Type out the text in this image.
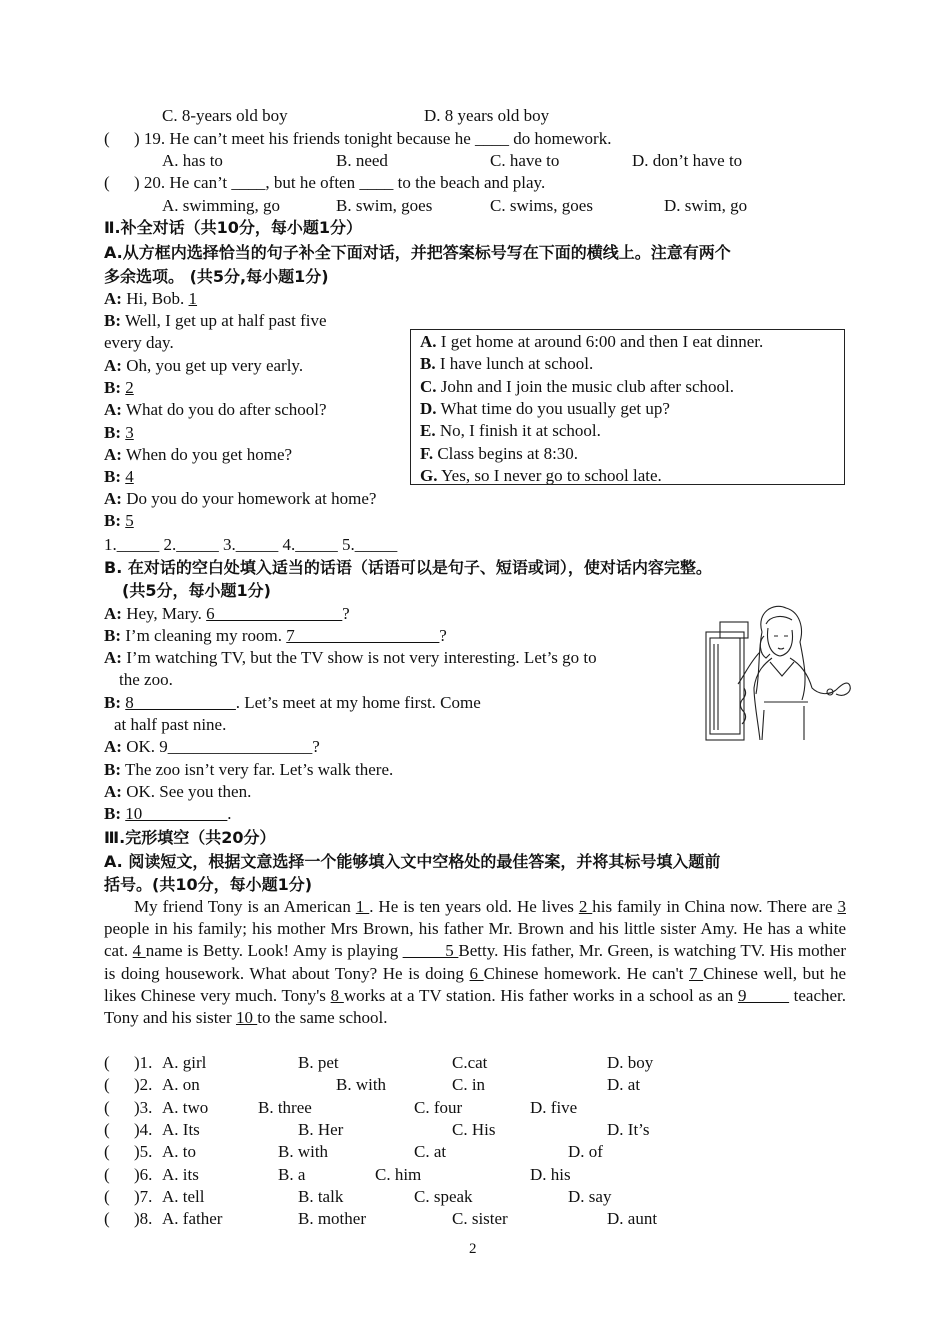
C. 8-years old boy	D. 8 years old boy
( ) 19. He can’t meet his friends tonight because he ____ do homework.
A. has to	B. need	C. have to	D. don’t have to
( ) 20. He can’t ____, but he often ____ to the beach and play.
A. swimming, go	B. swim, goes	C. swims, goes	D. swim, go
Ⅱ.补全对话（共10分，每小题1分）
A.从方框内选择恰当的句子补全下面对话，并把答案标号写在下面的横线上。注意有两个
多余选项。 (共5分,每小题1分)
A: Hi, Bob. 1
B: Well, I get up at half past five
every day.
A: Oh, you get up very early.
B: 2
A: What do you do after school?
B: 3
A: When do you get home?
B: 4
A: Do you do your homework at home?
B: 5
1._____ 2._____ 3._____ 4._____ 5._____
A. I get home at around 6:00 and then I eat dinner.
B. I have lunch at school.
C. John and I join the music club after school.
D. What time do you usually get up?
E. No, I finish it at school.
F. Class begins at 8:30.
G. Yes, so I never go to school late.
B. 在对话的空白处填入适当的话语（话语可以是句子、短语或词），使对话内容完整。
(共5分，每小题1分)
A: Hey, Mary. 6_______________?
B: I’m cleaning my room. 7_________________?
A: I’m watching TV, but the TV show is not very interesting. Let’s go to
the zoo.
B: 8____________. Let’s meet at my home first. Come
at half past nine.
A: OK. 9_________________?
B: The zoo isn’t very far. Let’s walk there.
A: OK. See you then.
B: 10__________.
Ⅲ.完形填空（共20分）
A. 阅读短文，根据文意选择一个能够填入文中空格处的最佳答案，并将其标号填入题前
括号。(共10分，每小题1分)
My friend Tony is an American 1 . He is ten years old. He lives 2 his family in China now. There are 3 people in his family; his mother Mrs Brown, his father Mr. Brown and his little sister Amy. He has a white cat. 4 name is Betty. Look! Amy is playing _____5 Betty. His father, Mr. Green, is watching TV. His mother is doing housework. What about Tony? He is doing 6 Chinese homework. He can't 7 Chinese well, but he likes Chinese very much. Tony's 8 works at a TV station. His father works in a school as an 9_____ teacher. Tony and his sister 10 to the same school.
( )1. A. girl	B. pet	C.cat	D. boy
( )2. A. on	B. with	C. in	D. at
( )3. A. two	B. three	C. four	D. five
( )4. A. Its	B. Her	C. His	D. It’s
( )5. A. to	B. with	C. at	D. of
( )6. A. its	B. a	C. him	D. his
( )7. A. tell	B. talk	C. speak	D. say
( )8. A. father	B. mother	C. sister	D. aunt
2
